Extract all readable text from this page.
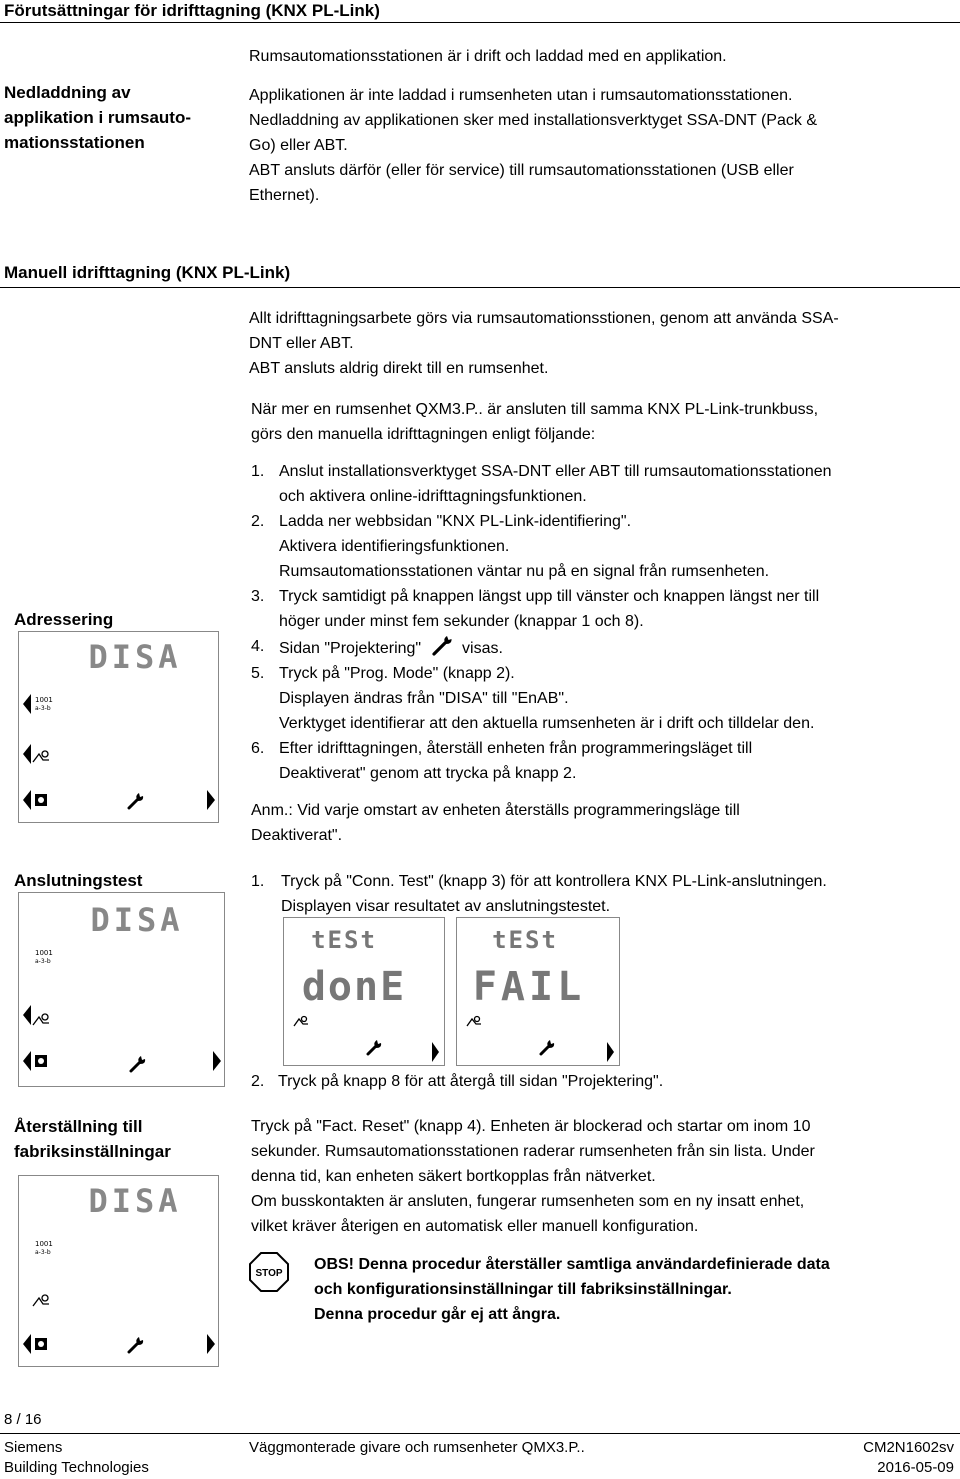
Förutsättningar för idrifttagning (KNX PL-Link)
Nedladdning av
applikation i rumsauto-
mationsstationen
Rumsautomationsstationen är i drift och laddad med en applikation.
Applikationen är inte laddad i rumsenheten utan i rumsautomationsstationen.
Nedladdning av applikationen sker med installationsverktyget SSA-DNT (Pack &
Go) eller ABT.
ABT ansluts därför (eller för service) till rumsautomationsstationen (USB eller
Ethernet).
Manuell idrifttagning (KNX PL-Link)
Allt idrifttagningsarbete görs via rumsautomationsstionen, genom att använda SSA-
DNT eller ABT.
ABT ansluts aldrig direkt till en rumsenhet.
När mer en rumsenhet QXM3.P.. är ansluten till samma KNX PL-Link-trunkbuss,
görs den manuella idrifttagningen enligt följande:
1. Anslut installationsverktyget SSA-DNT eller ABT till rumsautomationsstationen
och aktivera online-idrifttagningsfunktionen.
2. Ladda ner webbsidan "KNX PL-Link-identifiering".
Aktivera identifieringsfunktionen.
Rumsautomationsstationen väntar nu på en signal från rumsenheten.
3. Tryck samtidigt på knappen längst upp till vänster och knappen längst ner till
höger under minst fem sekunder (knappar 1 och 8).
4. Sidan "Projektering"	visas.
5. Tryck på "Prog. Mode" (knapp 2).
Displayen ändras från "DISA" till "EnAB".
Verktyget identifierar att den aktuella rumsenheten är i drift och tilldelar den.
6. Efter idrifttagningen, återställ enheten från programmeringsläget till
Deaktiverat" genom att trycka på knapp 2.
Anm.: Vid varje omstart av enheten återställs programmeringsläge till
Deaktiverat".
Adressering
DISA
1001
a-3-b
Anslutningstest	1.	Tryck på "Conn. Test" (knapp 3) för att kontrollera KNX PL-Link-anslutningen.
Displayen visar resultatet av anslutningstestet.
DISA
1001
a-3-b
tESt
donE
tESt
FAIL
2. Tryck på knapp 8 för att återgå till sidan "Projektering".
Återställning till
fabriksinställningar
Tryck på "Fact. Reset" (knapp 4). Enheten är blockerad och startar om inom 10
sekunder. Rumsautomationsstationen raderar rumsenheten från sin lista. Under
denna tid, kan enheten säkert bortkopplas från nätverket.
Om busskontakten är ansluten, fungerar rumsenheten som en ny insatt enhet,
vilket kräver återigen en automatisk eller manuell konfiguration.
DISA
1001
a-3-b
STOP
OBS! Denna procedur återställer samtliga användardefinierade data
och konfigurationsinställningar till fabriksinställningar.
Denna procedur går ej att ångra.
8 / 16
Siemens
Building Technologies
Väggmonterade givare och rumsenheter QMX3.P..	CM2N1602sv
2016-05-09
